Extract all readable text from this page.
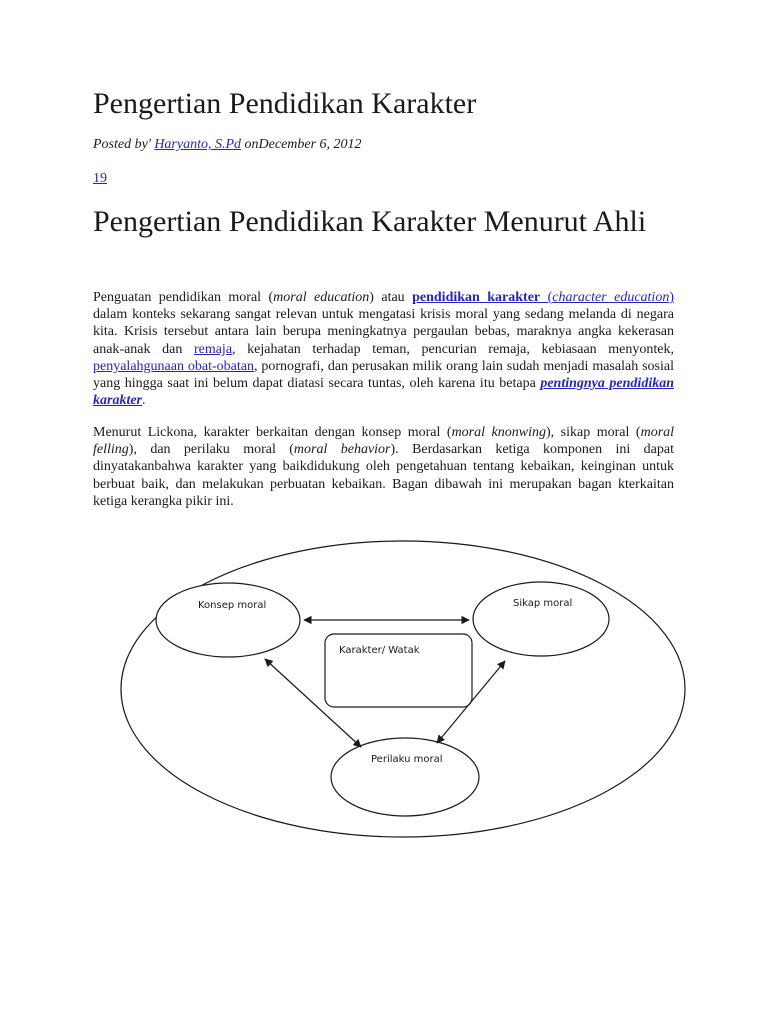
Pengertian Pendidikan Karakter
Posted by' Haryanto, S.Pd onDecember 6, 2012
19
Pengertian Pendidikan Karakter Menurut Ahli

Penguatan pendidikan moral (moral education) atau pendidikan karakter (character education) dalam konteks sekarang sangat relevan untuk mengatasi krisis moral yang sedang melanda di negara kita. Krisis tersebut antara lain berupa meningkatnya pergaulan bebas, maraknya angka kekerasan anak-anak dan remaja, kejahatan terhadap teman, pencurian remaja, kebiasaan menyontek, penyalahgunaan obat-obatan, pornografi, dan perusakan milik orang lain sudah menjadi masalah sosial yang hingga saat ini belum dapat diatasi secara tuntas, oleh karena itu betapa pentingnya pendidikan karakter.

Menurut Lickona, karakter berkaitan dengan konsep moral (moral knonwing), sikap moral (moral felling), dan perilaku moral (moral behavior). Berdasarkan ketiga komponen ini dapat dinyatakanbahwa karakter yang baikdidukung oleh pengetahuan tentang kebaikan, keinginan untuk berbuat baik, dan melakukan perbuatan kebaikan. Bagan dibawah ini merupakan bagan kterkaitan ketiga kerangka pikir ini.

Konsep moral	Sikap moral
Perilaku moral
Karakter/ Watak
